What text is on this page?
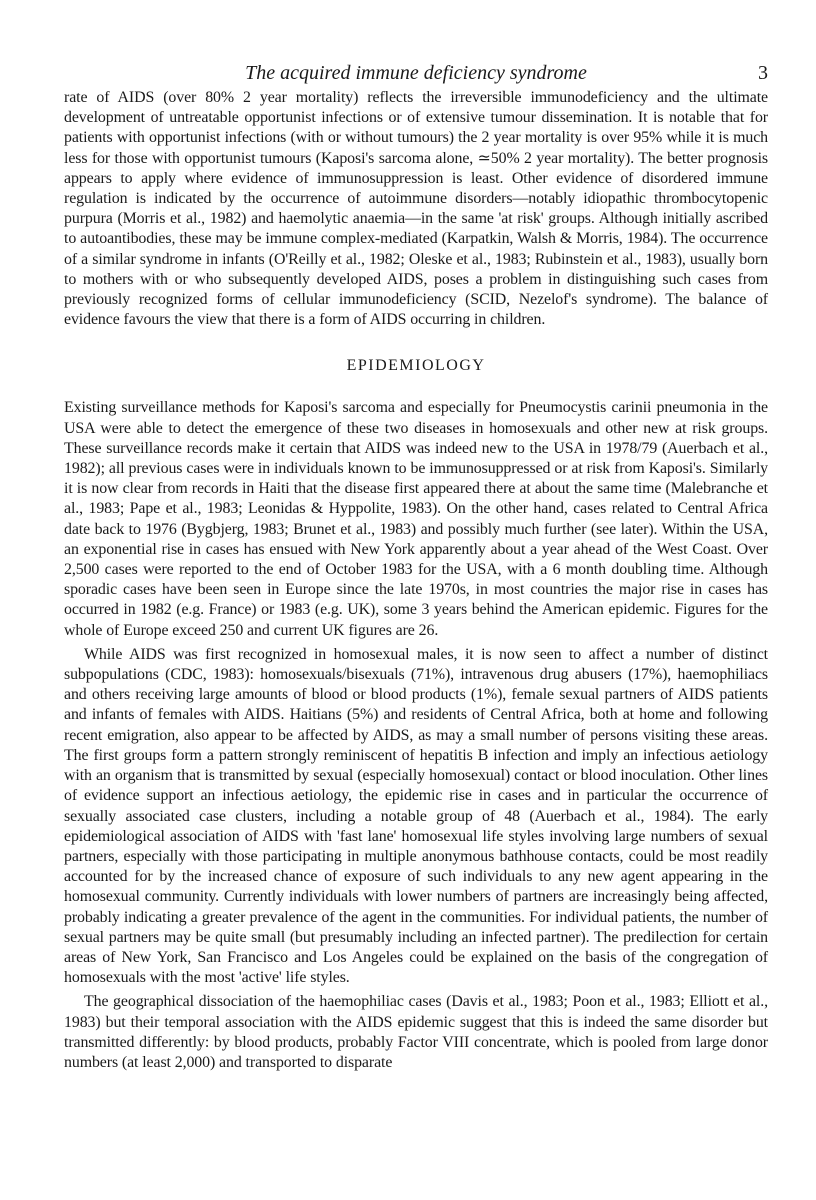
The acquired immune deficiency syndrome	3

rate of AIDS (over 80% 2 year mortality) reflects the irreversible immunodeficiency and the ultimate development of untreatable opportunist infections or of extensive tumour dissemination. It is notable that for patients with opportunist infections (with or without tumours) the 2 year mortality is over 95% while it is much less for those with opportunist tumours (Kaposi's sarcoma alone, ≃50% 2 year mortality). The better prognosis appears to apply where evidence of immunosuppression is least. Other evidence of disordered immune regulation is indicated by the occurrence of autoimmune disorders—notably idiopathic thrombocytopenic purpura (Morris et al., 1982) and haemolytic anaemia—in the same 'at risk' groups. Although initially ascribed to autoantibodies, these may be immune complex-mediated (Karpatkin, Walsh & Morris, 1984). The occurrence of a similar syndrome in infants (O'Reilly et al., 1982; Oleske et al., 1983; Rubinstein et al., 1983), usually born to mothers with or who subsequently developed AIDS, poses a problem in distinguishing such cases from previously recognized forms of cellular immunodeficiency (SCID, Nezelof's syndrome). The balance of evidence favours the view that there is a form of AIDS occurring in children.

EPIDEMIOLOGY

Existing surveillance methods for Kaposi's sarcoma and especially for Pneumocystis carinii pneumonia in the USA were able to detect the emergence of these two diseases in homosexuals and other new at risk groups. These surveillance records make it certain that AIDS was indeed new to the USA in 1978/79 (Auerbach et al., 1982); all previous cases were in individuals known to be immunosuppressed or at risk from Kaposi's. Similarly it is now clear from records in Haiti that the disease first appeared there at about the same time (Malebranche et al., 1983; Pape et al., 1983; Leonidas & Hyppolite, 1983). On the other hand, cases related to Central Africa date back to 1976 (Bygbjerg, 1983; Brunet et al., 1983) and possibly much further (see later). Within the USA, an exponential rise in cases has ensued with New York apparently about a year ahead of the West Coast. Over 2,500 cases were reported to the end of October 1983 for the USA, with a 6 month doubling time. Although sporadic cases have been seen in Europe since the late 1970s, in most countries the major rise in cases has occurred in 1982 (e.g. France) or 1983 (e.g. UK), some 3 years behind the American epidemic. Figures for the whole of Europe exceed 250 and current UK figures are 26.

While AIDS was first recognized in homosexual males, it is now seen to affect a number of distinct subpopulations (CDC, 1983): homosexuals/bisexuals (71%), intravenous drug abusers (17%), haemophiliacs and others receiving large amounts of blood or blood products (1%), female sexual partners of AIDS patients and infants of females with AIDS. Haitians (5%) and residents of Central Africa, both at home and following recent emigration, also appear to be affected by AIDS, as may a small number of persons visiting these areas. The first groups form a pattern strongly reminiscent of hepatitis B infection and imply an infectious aetiology with an organism that is transmitted by sexual (especially homosexual) contact or blood inoculation. Other lines of evidence support an infectious aetiology, the epidemic rise in cases and in particular the occurrence of sexually associated case clusters, including a notable group of 48 (Auerbach et al., 1984). The early epidemiological association of AIDS with 'fast lane' homosexual life styles involving large numbers of sexual partners, especially with those participating in multiple anonymous bathhouse contacts, could be most readily accounted for by the increased chance of exposure of such individuals to any new agent appearing in the homosexual community. Currently individuals with lower numbers of partners are increasingly being affected, probably indicating a greater prevalence of the agent in the communities. For individual patients, the number of sexual partners may be quite small (but presumably including an infected partner). The predilection for certain areas of New York, San Francisco and Los Angeles could be explained on the basis of the congregation of homosexuals with the most 'active' life styles.

The geographical dissociation of the haemophiliac cases (Davis et al., 1983; Poon et al., 1983; Elliott et al., 1983) but their temporal association with the AIDS epidemic suggest that this is indeed the same disorder but transmitted differently: by blood products, probably Factor VIII concentrate, which is pooled from large donor numbers (at least 2,000) and transported to disparate
